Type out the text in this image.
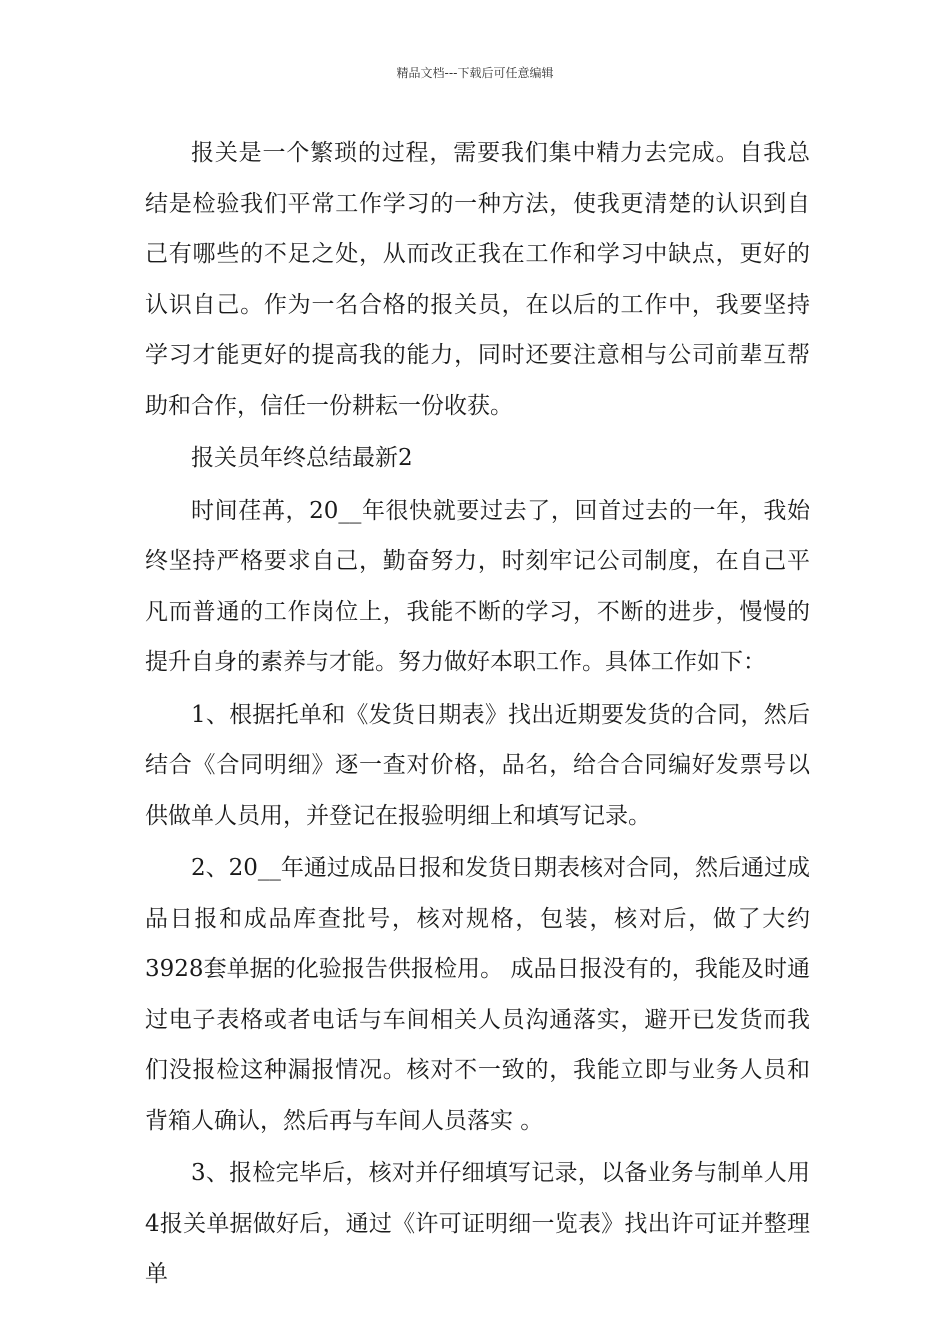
精品文档---下载后可任意编辑

报关是一个繁琐的过程，需要我们集中精力去完成。自我总结是检验我们平常工作学习的一种方法，使我更清楚的认识到自己有哪些的不足之处，从而改正我在工作和学习中缺点，更好的认识自己。作为一名合格的报关员，在以后的工作中，我要坚持学习才能更好的提高我的能力，同时还要注意相与公司前辈互帮助和合作，信任一份耕耘一份收获。

报关员年终总结最新2

时间荏苒，20__年很快就要过去了，回首过去的一年，我始终坚持严格要求自己，勤奋努力，时刻牢记公司制度，在自己平凡而普通的工作岗位上，我能不断的学习，不断的进步，慢慢的提升自身的素养与才能。努力做好本职工作。具体工作如下：

1、根据托单和《发货日期表》找出近期要发货的合同，然后结合《合同明细》逐一查对价格，品名，给合合同编好发票号以供做单人员用，并登记在报验明细上和填写记录。

2、20__年通过成品日报和发货日期表核对合同，然后通过成品日报和成品库查批号，核对规格，包装，核对后，做了大约3928套单据的化验报告供报检用。 成品日报没有的，我能及时通过电子表格或者电话与车间相关人员沟通落实，避开已发货而我们没报检这种漏报情况。核对不一致的，我能立即与业务人员和背箱人确认，然后再与车间人员落实 。

3、报检完毕后，核对并仔细填写记录，以备业务与制单人用 4报关单据做好后，通过《许可证明细一览表》找出许可证并整理单
